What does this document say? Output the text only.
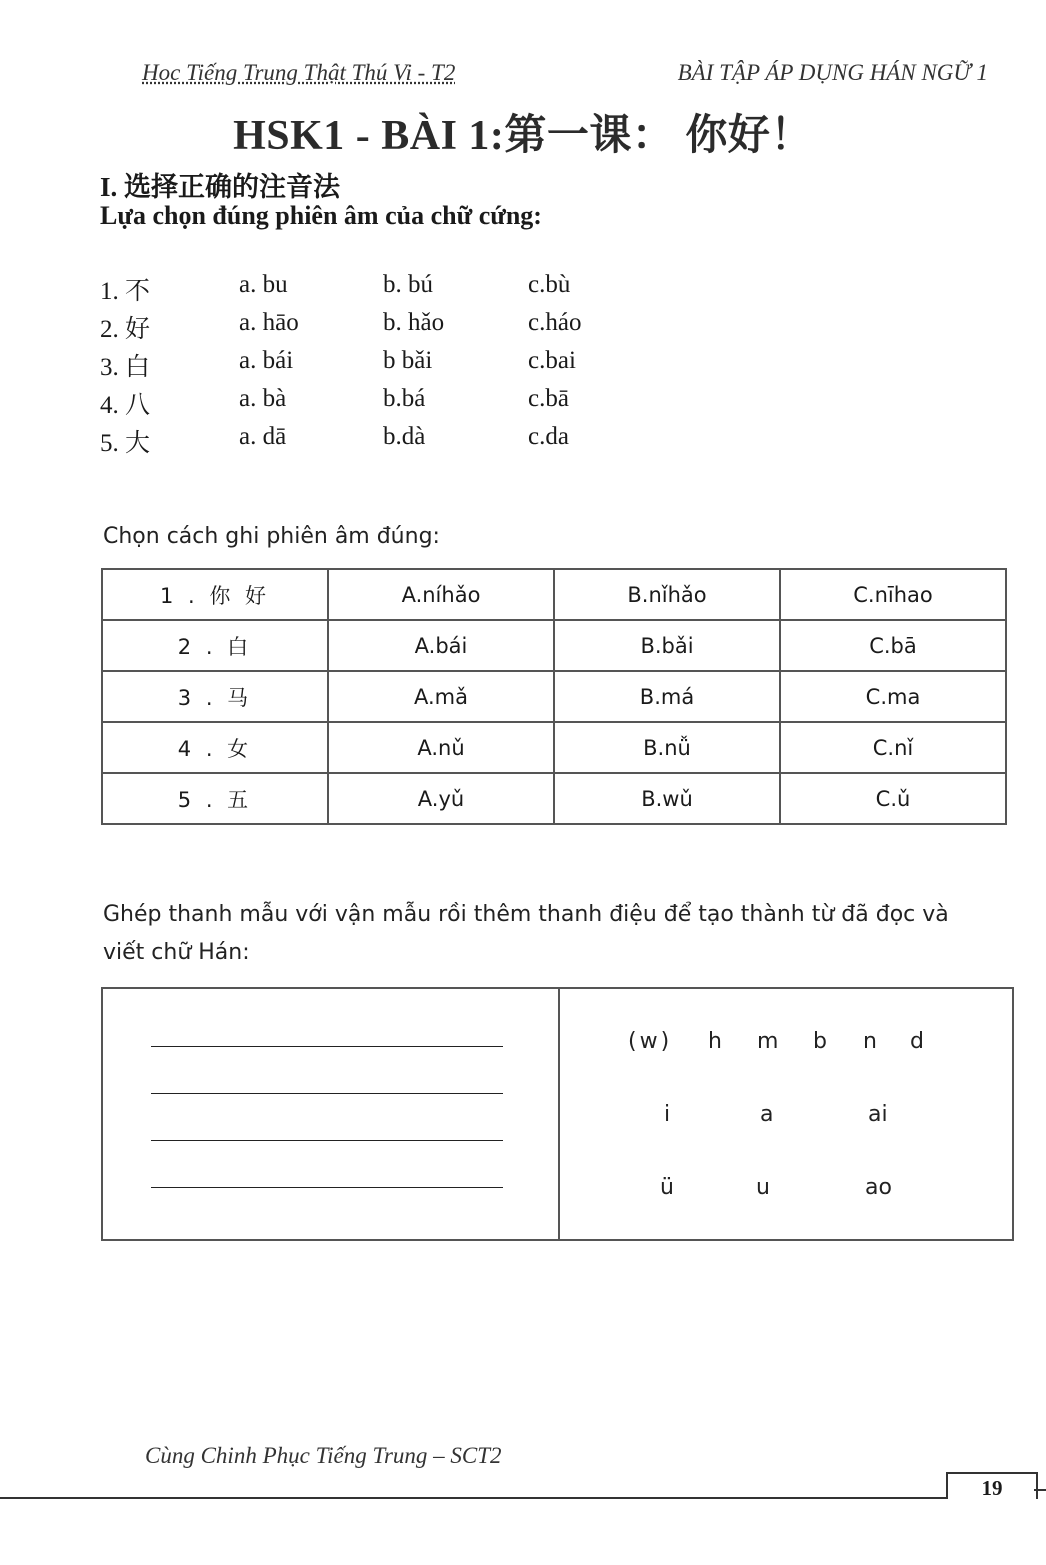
Hoc Tiếng Trung Thật Thú Vi - T2	BÀI TẬP ÁP DỤNG HÁN NGỮ 1
HSK1 - BÀI 1:第一课： 你好！
I. 选择正确的注音法
Lựa chọn đúng phiên âm của chữ cứng:
1. 不	a. bu	b. bú	c.bù
2. 好	a. hāo	b. hǎo	c.háo
3. 白	a. bái	b bǎi	c.bai
4. 八	a. bà	b.bá	c.bā
5. 大	a. dā	b.dà	c.da
Chọn cách ghi phiên âm đúng:
1 . 你 好	A.níhǎo	B.nǐhǎo	C.nīhao
2 . 白	A.bái	B.bǎi	C.bā
3 . 马	A.mǎ	B.má	C.ma
4 . 女	A.nǔ	B.nǚ	C.nǐ
5 . 五	A.yǔ	B.wǔ	C.ǔ
Ghép thanh mẫu với vận mẫu rồi thêm thanh điệu để tạo thành từ đã đọc và
viết chữ Hán:
(w) h m b n d
i	a	ai
ü	u	ao
Cùng Chinh Phục Tiếng Trung – SCT2
19
